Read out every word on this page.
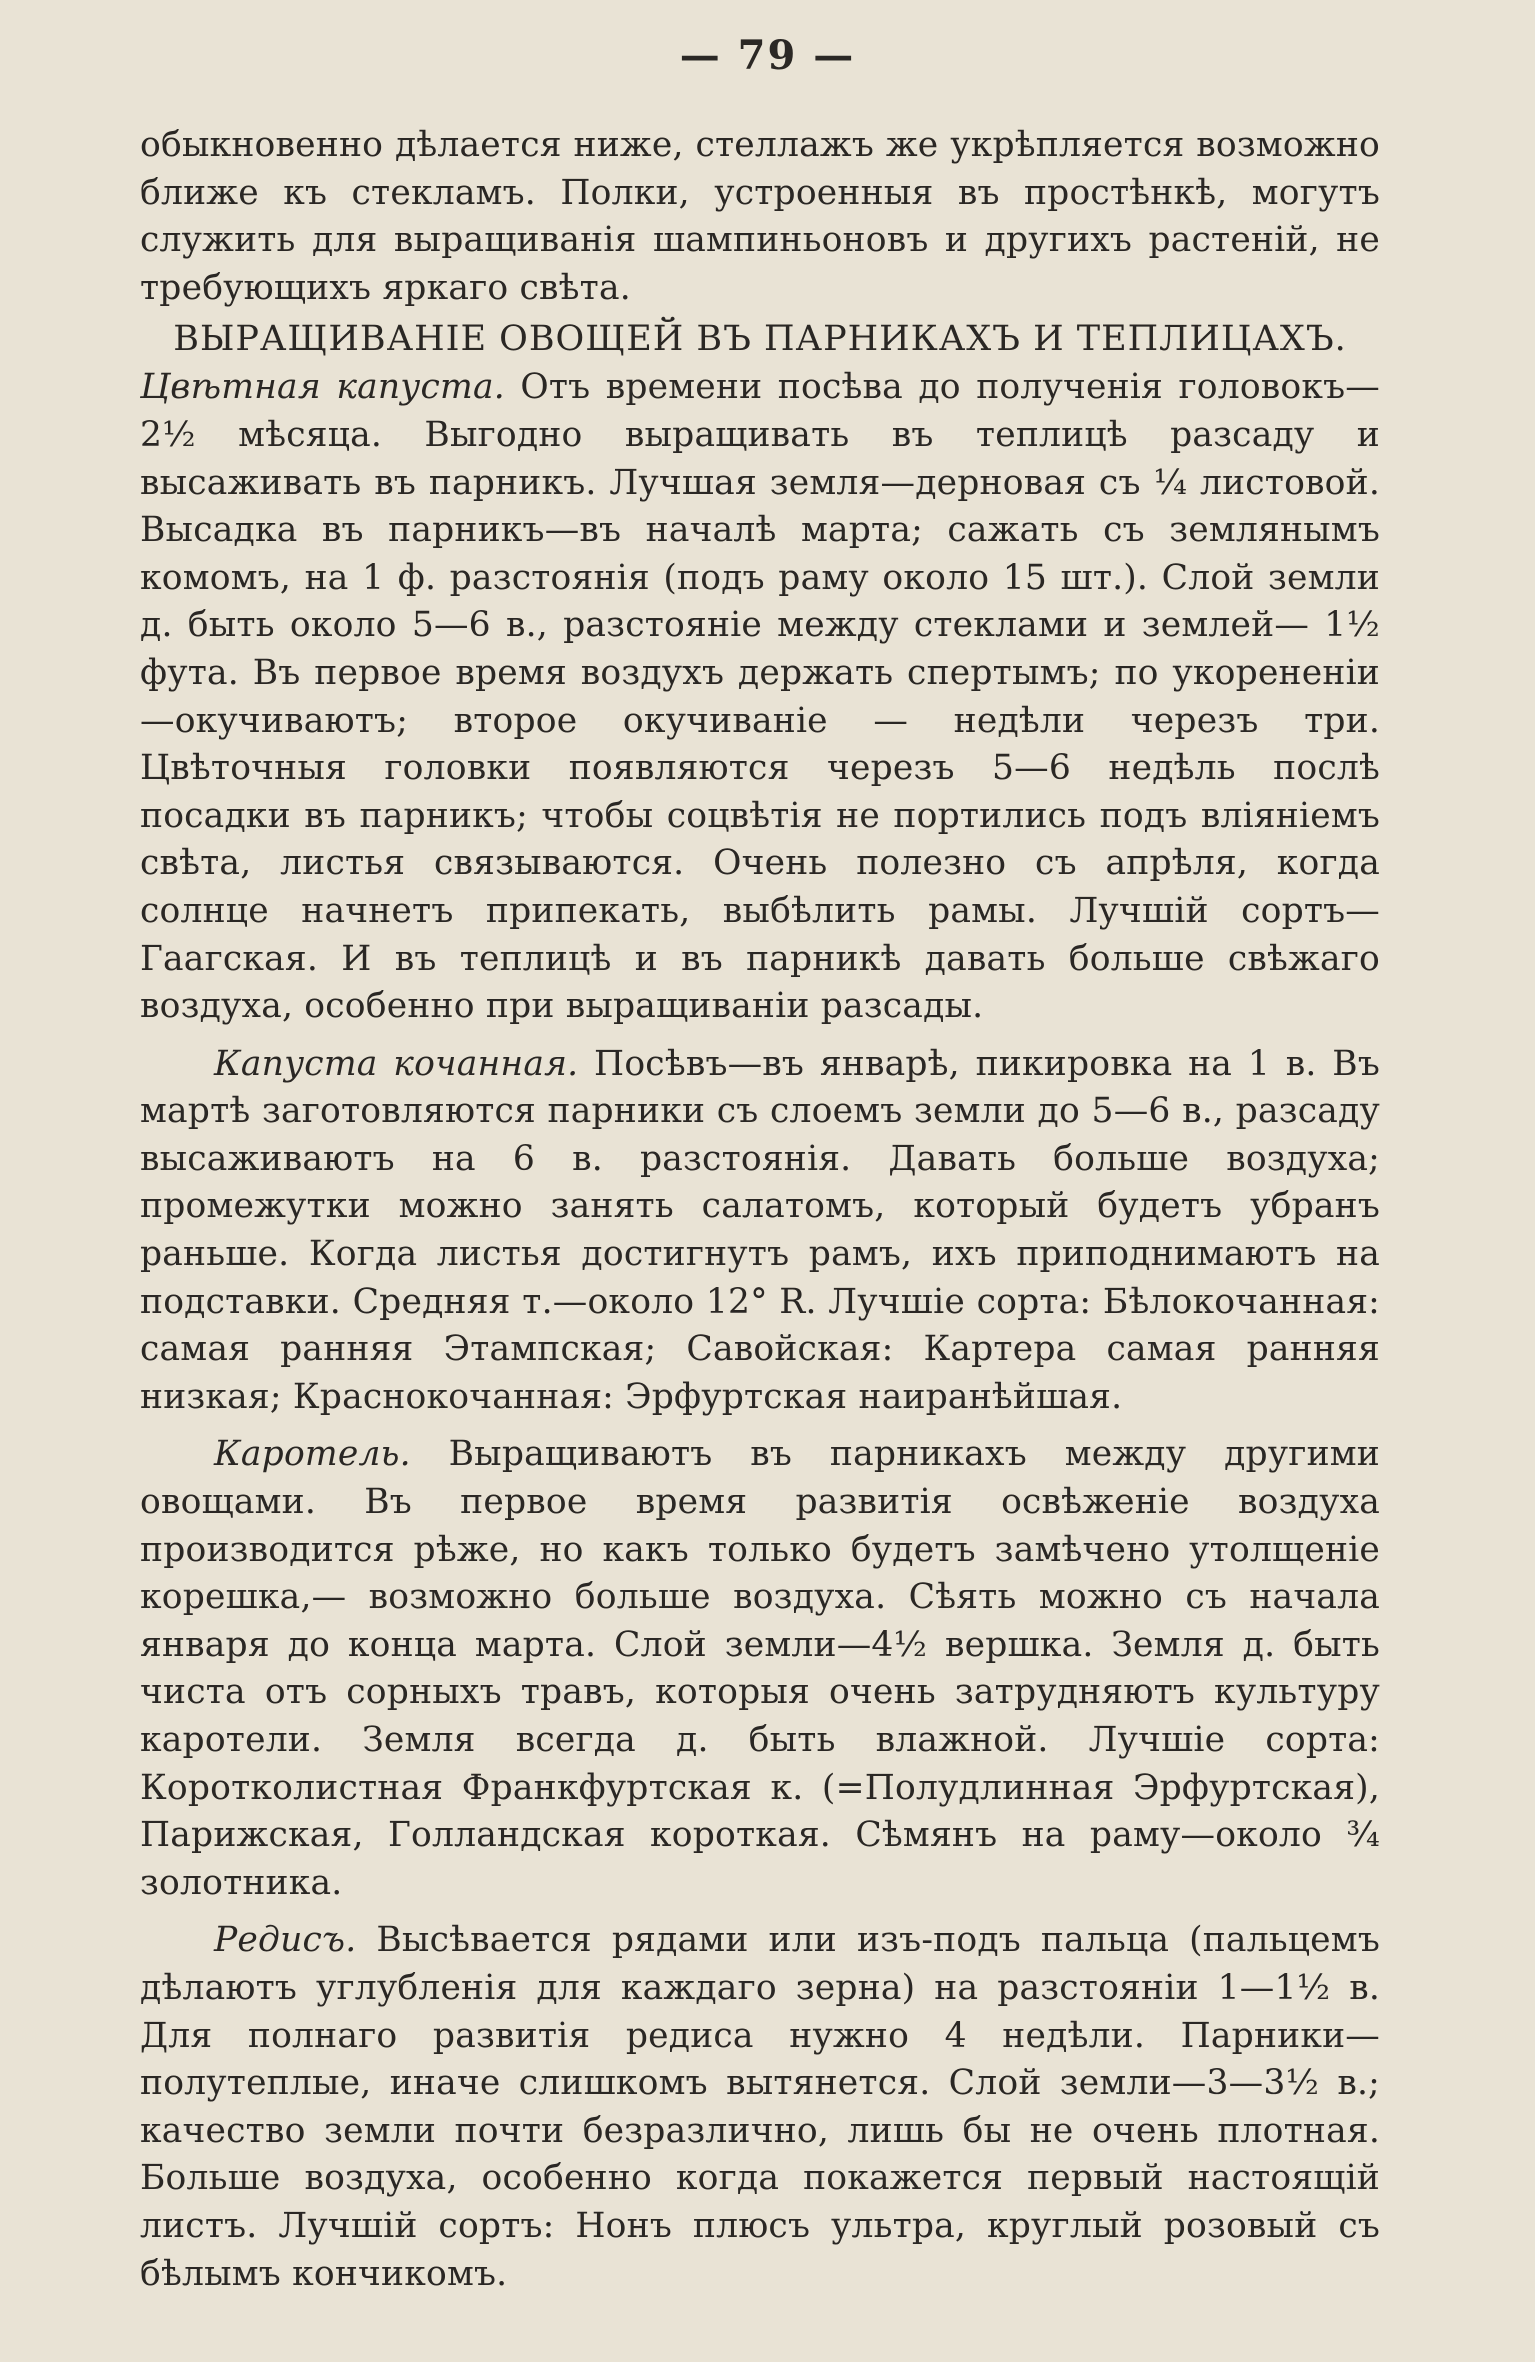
— 79 —

обыкновенно дѣлается ниже, стеллажъ же укрѣпляется возможно ближе къ стекламъ. Полки, устроенныя въ простѣнкѣ, могутъ служить для выращиванія шампиньоновъ и другихъ растеній, не требующихъ яркаго свѣта.

ВЫРАЩИВАНІЕ ОВОЩЕЙ ВЪ ПАРНИКАХЪ И ТЕПЛИЦАХЪ.

Цвѣтная капуста. Отъ времени посѣва до полученія головокъ— 2½ мѣсяца. Выгодно выращивать въ теплицѣ разсаду и высаживать въ парникъ. Лучшая земля—дерновая съ ¼ листовой. Высадка въ парникъ—въ началѣ марта; сажать съ землянымъ комомъ, на 1 ф. разстоянія (подъ раму около 15 шт.). Слой земли д. быть около 5—6 в., разстояніе между стеклами и землей— 1½ фута. Въ первое время воздухъ держать спертымъ; по укорененіи—окучиваютъ; второе окучиваніе — недѣли черезъ три. Цвѣточныя головки появляются черезъ 5—6 недѣль послѣ посадки въ парникъ; чтобы соцвѣтія не портились подъ вліяніемъ свѣта, листья связываются. Очень полезно съ апрѣля, когда солнце начнетъ припекать, выбѣлить рамы. Лучшій сортъ—Гаагская. И въ теплицѣ и въ парникѣ давать больше свѣжаго воздуха, особенно при выращиваніи разсады.

Капуста кочанная. Посѣвъ—въ январѣ, пикировка на 1 в. Въ мартѣ заготовляются парники съ слоемъ земли до 5—6 в., разсаду высаживаютъ на 6 в. разстоянія. Давать больше воздуха; промежутки можно занять салатомъ, который будетъ убранъ раньше. Когда листья достигнутъ рамъ, ихъ приподнимаютъ на подставки. Средняя т.—около 12° R. Лучшіе сорта: Бѣлокочанная: самая ранняя Этампская; Савойская: Картера самая ранняя низкая; Краснокочанная: Эрфуртская наиранѣйшая.

Каротель. Выращиваютъ въ парникахъ между другими овощами. Въ первое время развитія освѣженіе воздуха производится рѣже, но какъ только будетъ замѣчено утолщеніе корешка,— возможно больше воздуха. Сѣять можно съ начала января до конца марта. Слой земли—4½ вершка. Земля д. быть чиста отъ сорныхъ травъ, которыя очень затрудняютъ культуру каротели. Земля всегда д. быть влажной. Лучшіе сорта: Коротколистная Франкфуртская к. (=Полудлинная Эрфуртская), Парижская, Голландская короткая. Сѣмянъ на раму—около ¾ золотника.

Редисъ. Высѣвается рядами или изъ-подъ пальца (пальцемъ дѣлаютъ углубленія для каждаго зерна) на разстояніи 1—1½ в. Для полнаго развитія редиса нужно 4 недѣли. Парники—полутеплые, иначе слишкомъ вытянется. Слой земли—3—3½ в.; качество земли почти безразлично, лишь бы не очень плотная. Больше воздуха, особенно когда покажется первый настоящій листъ. Лучшій сортъ: Нонъ плюсъ ультра, круглый розовый съ бѣлымъ кончикомъ.
